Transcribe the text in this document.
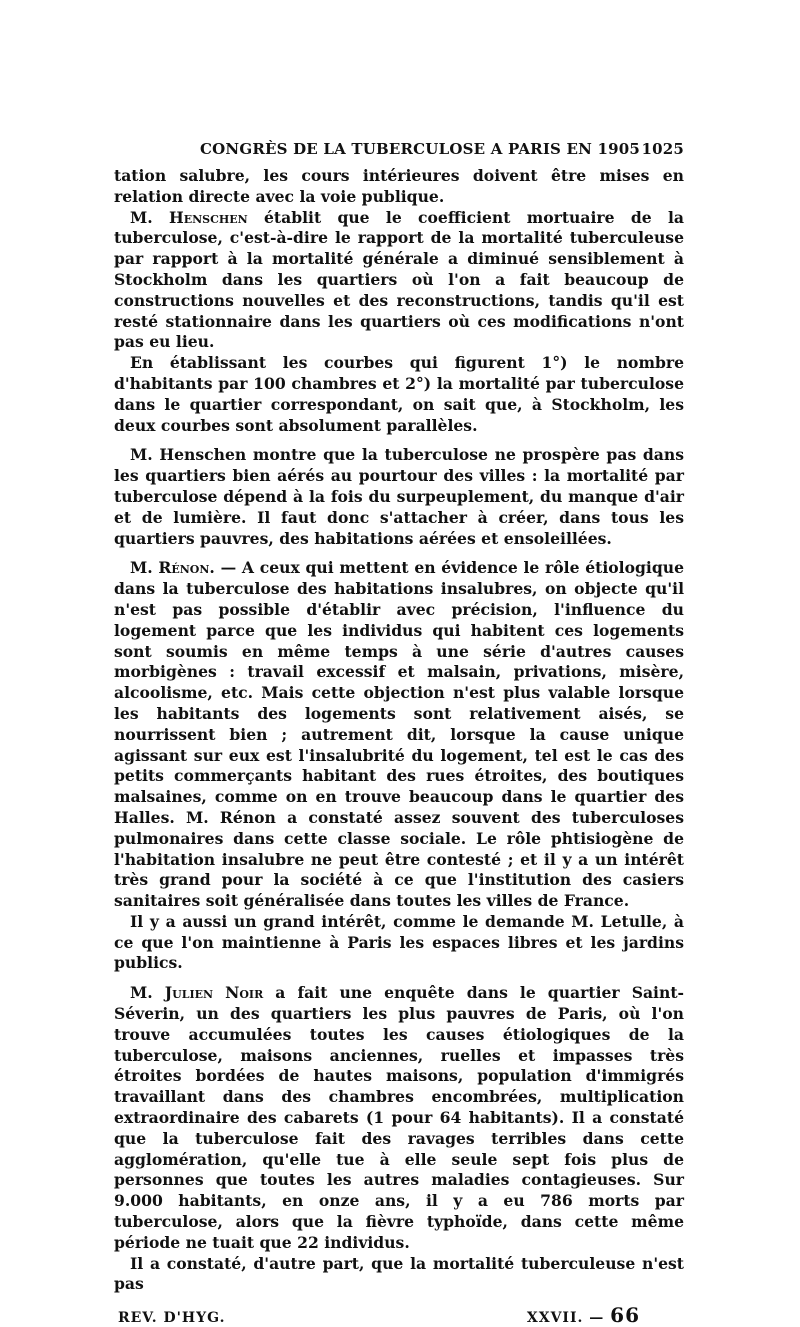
CONGRÈS DE LA TUBERCULOSE A PARIS EN 1905 1025

tation salubre, les cours intérieures doivent être mises en relation directe avec la voie publique.

M. Henschen établit que le coefficient mortuaire de la tuberculose, c'est-à-dire le rapport de la mortalité tuberculeuse par rapport à la mortalité générale a diminué sensiblement à Stockholm dans les quartiers où l'on a fait beaucoup de constructions nouvelles et des reconstructions, tandis qu'il est resté stationnaire dans les quartiers où ces modifications n'ont pas eu lieu.

En établissant les courbes qui figurent 1°) le nombre d'habitants par 100 chambres et 2°) la mortalité par tuberculose dans le quartier correspondant, on sait que, à Stockholm, les deux courbes sont absolument parallèles.

M. Henschen montre que la tuberculose ne prospère pas dans les quartiers bien aérés au pourtour des villes : la mortalité par tuberculose dépend à la fois du surpeuplement, du manque d'air et de lumière. Il faut donc s'attacher à créer, dans tous les quartiers pauvres, des habitations aérées et ensoleillées.

M. Rénon. — A ceux qui mettent en évidence le rôle étiologique dans la tuberculose des habitations insalubres, on objecte qu'il n'est pas possible d'établir avec précision, l'influence du logement parce que les individus qui habitent ces logements sont soumis en même temps à une série d'autres causes morbigènes : travail excessif et malsain, privations, misère, alcoolisme, etc. Mais cette objection n'est plus valable lorsque les habitants des logements sont relativement aisés, se nourrissent bien ; autrement dit, lorsque la cause unique agissant sur eux est l'insalubrité du logement, tel est le cas des petits commerçants habitant des rues étroites, des boutiques malsaines, comme on en trouve beaucoup dans le quartier des Halles. M. Rénon a constaté assez souvent des tuberculoses pulmonaires dans cette classe sociale. Le rôle phtisiogène de l'habitation insalubre ne peut être contesté ; et il y a un intérêt très grand pour la société à ce que l'institution des casiers sanitaires soit généralisée dans toutes les villes de France.

Il y a aussi un grand intérêt, comme le demande M. Letulle, à ce que l'on maintienne à Paris les espaces libres et les jardins publics.

M. Julien Noir a fait une enquête dans le quartier Saint-Séverin, un des quartiers les plus pauvres de Paris, où l'on trouve accumulées toutes les causes étiologiques de la tuberculose, maisons anciennes, ruelles et impasses très étroites bordées de hautes maisons, population d'immigrés travaillant dans des chambres encombrées, multiplication extraordinaire des cabarets (1 pour 64 habitants). Il a constaté que la tuberculose fait des ravages terribles dans cette agglomération, qu'elle tue à elle seule sept fois plus de personnes que toutes les autres maladies contagieuses. Sur 9.000 habitants, en onze ans, il y a eu 786 morts par tuberculose, alors que la fièvre typhoïde, dans cette même période ne tuait que 22 individus.

Il a constaté, d'autre part, que la mortalité tuberculeuse n'est pas

REV. D'HYG.	XXVII. — 66
